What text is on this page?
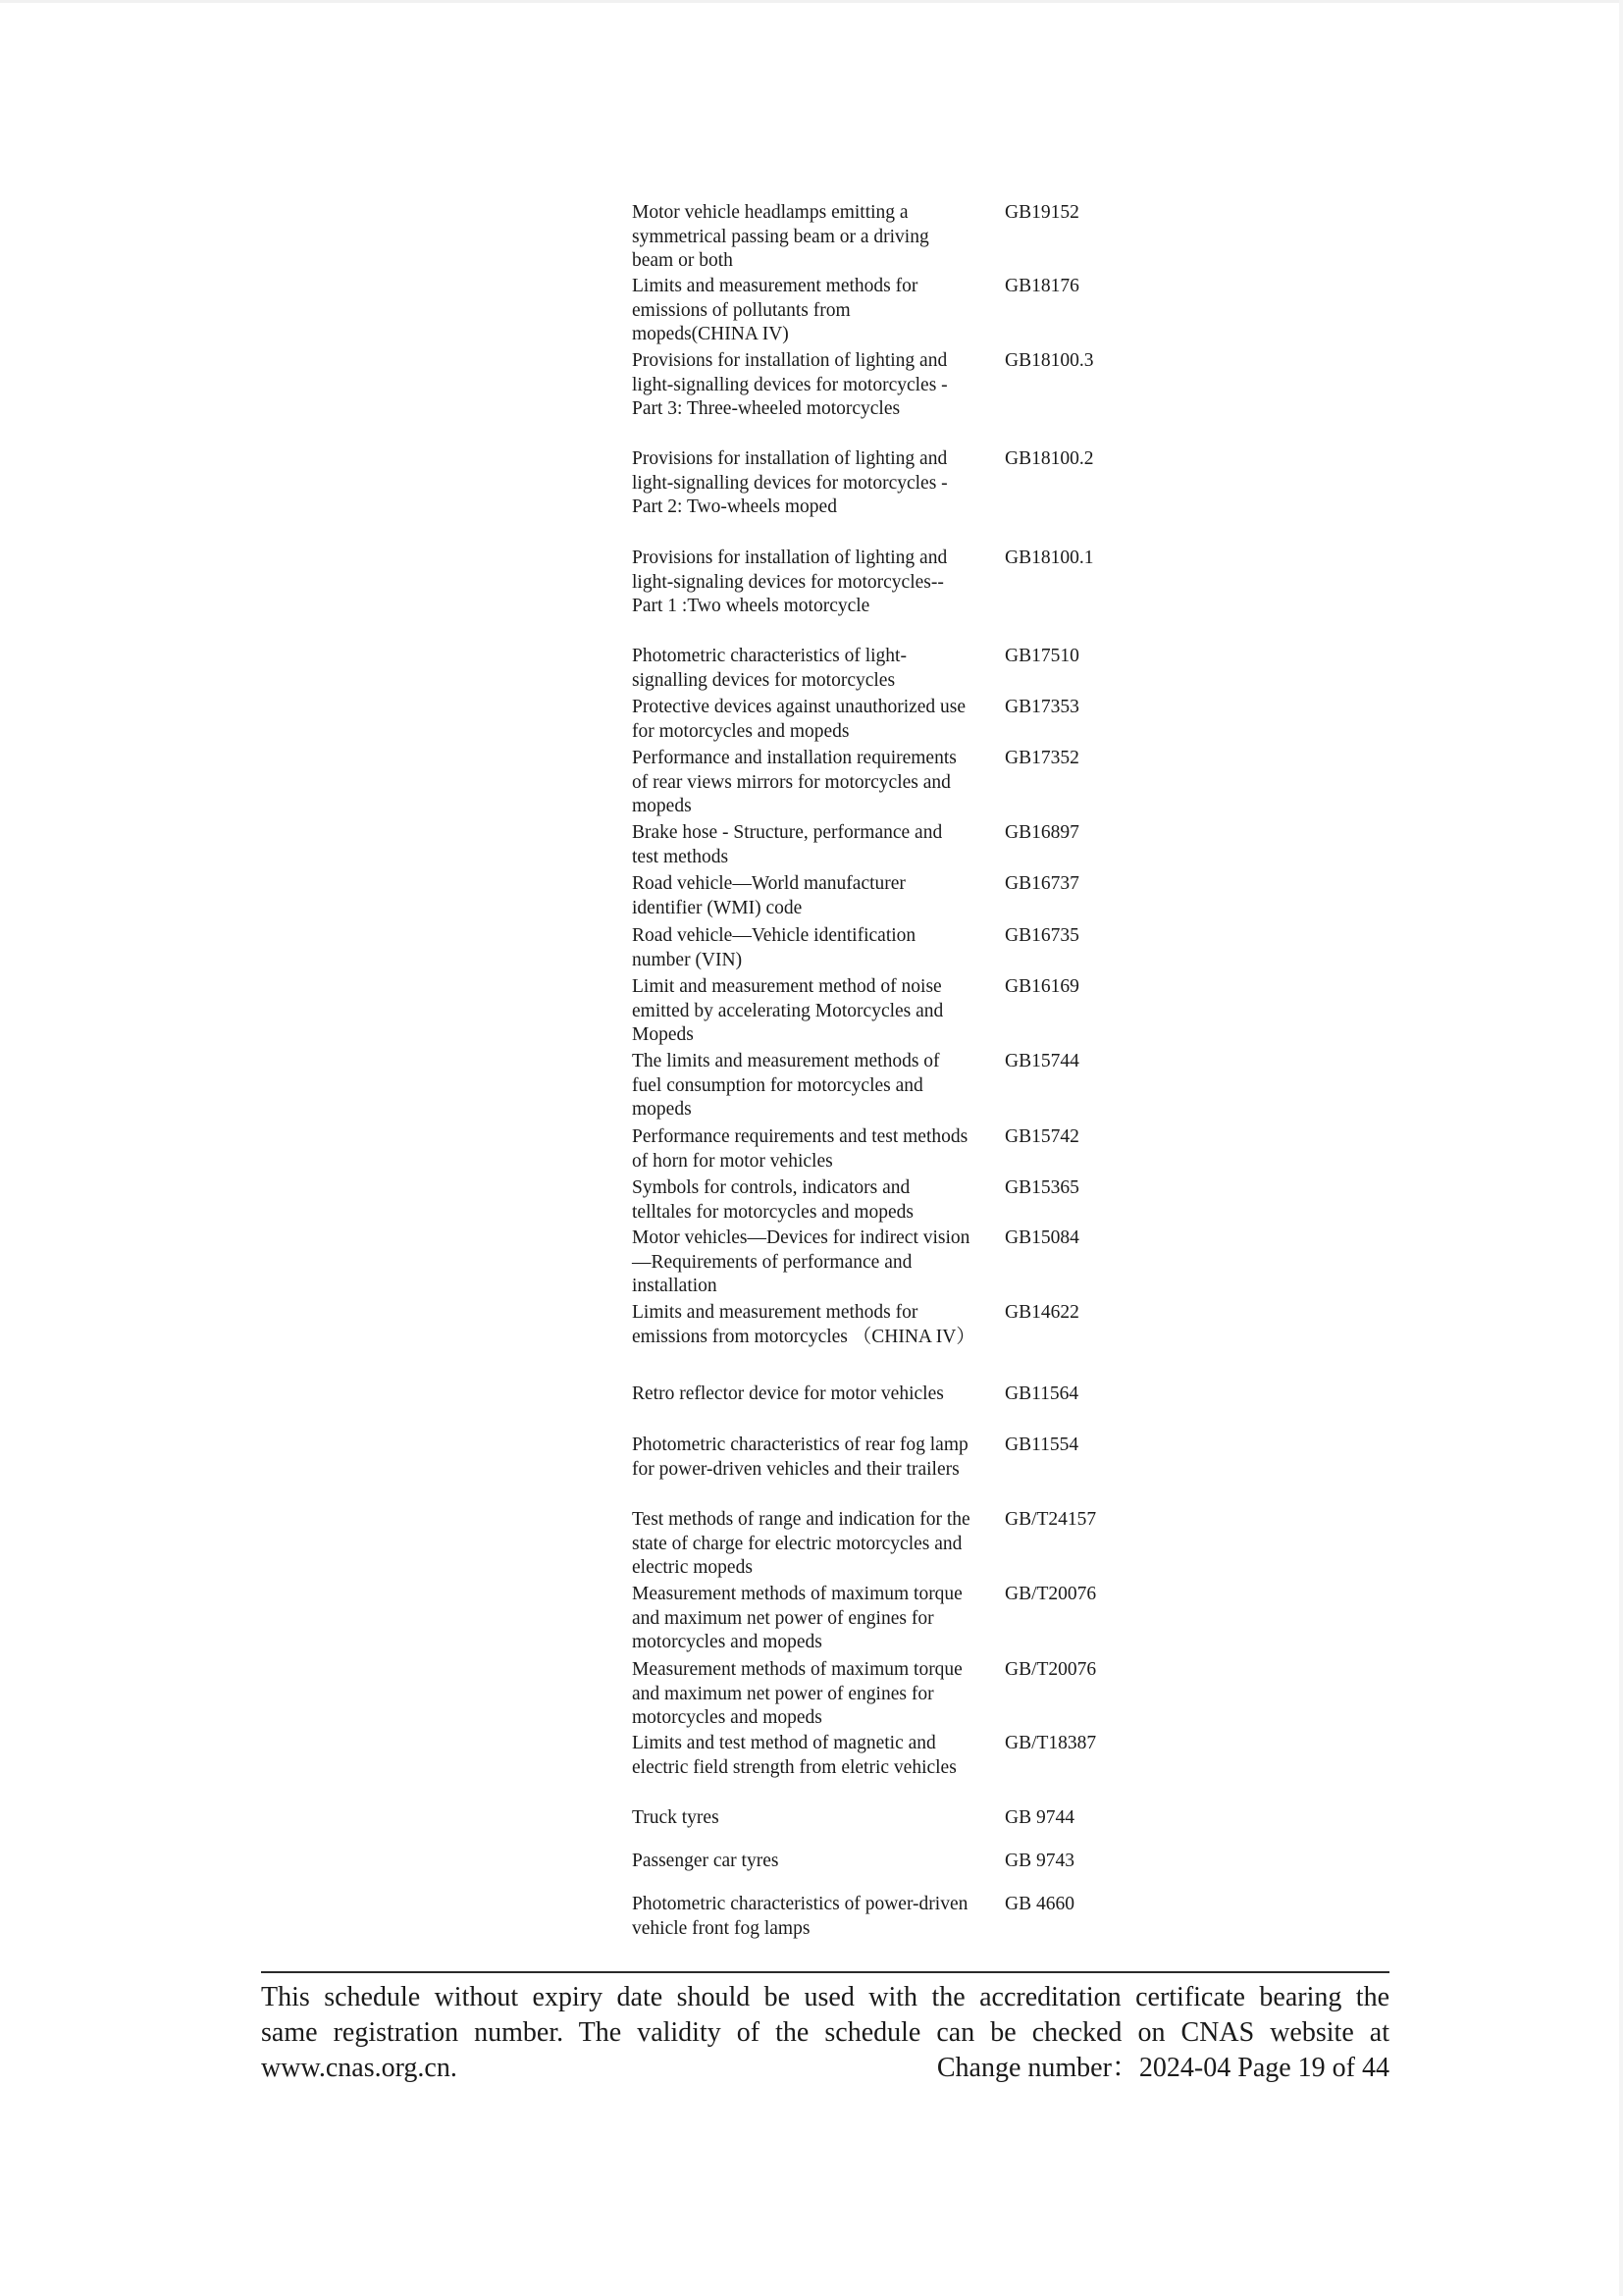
Motor vehicle headlamps emitting a symmetrical passing beam or a driving beam or both
GB19152
Limits and measurement methods for emissions of pollutants from mopeds(CHINA IV)
GB18176
Provisions for installation of lighting and light-signalling devices for motorcycles - Part 3: Three-wheeled motorcycles
GB18100.3
Provisions for installation of lighting and light-signalling devices for motorcycles - Part 2: Two-wheels moped
GB18100.2
Provisions for installation of lighting and light-signaling devices for motorcycles--Part 1 :Two wheels motorcycle
GB18100.1
Photometric characteristics of light-signalling devices for motorcycles
GB17510
Protective devices against unauthorized use for motorcycles and mopeds
GB17353
Performance and installation requirements of rear views mirrors for motorcycles and mopeds
GB17352
Brake hose - Structure, performance and test methods
GB16897
Road vehicle—World manufacturer identifier (WMI) code
GB16737
Road vehicle—Vehicle identification number (VIN)
GB16735
Limit and measurement method of noise emitted by accelerating Motorcycles and Mopeds
GB16169
The limits and measurement methods of fuel consumption for motorcycles and mopeds
GB15744
Performance requirements and test methods of horn for motor vehicles
GB15742
Symbols for controls, indicators and telltales for motorcycles and mopeds
GB15365
Motor vehicles—Devices for indirect vision—Requirements of performance and installation
GB15084
Limits and measurement methods for emissions from motorcycles （CHINA IV）
GB14622
Retro reflector device for motor vehicles	GB11564
Photometric characteristics of rear fog lamp for power-driven vehicles and their trailers
GB11554
Test methods of range and indication for the state of charge for electric motorcycles and electric mopeds
GB/T24157
Measurement methods of maximum torque and maximum net power of engines for motorcycles and mopeds
GB/T20076
Measurement methods of maximum torque and maximum net power of engines for motorcycles and mopeds
GB/T20076
Limits and test method of magnetic and electric field strength from eletric vehicles
GB/T18387
Truck tyres	GB 9744
Passenger car tyres	GB 9743
Photometric characteristics of power-driven vehicle front fog lamps
GB 4660
This schedule without expiry date should be used with the accreditation certificate bearing the
same registration number. The validity of the schedule can be checked on CNAS website at
www.cnas.org.cn.	Change number：2024-04 Page 19 of 44
